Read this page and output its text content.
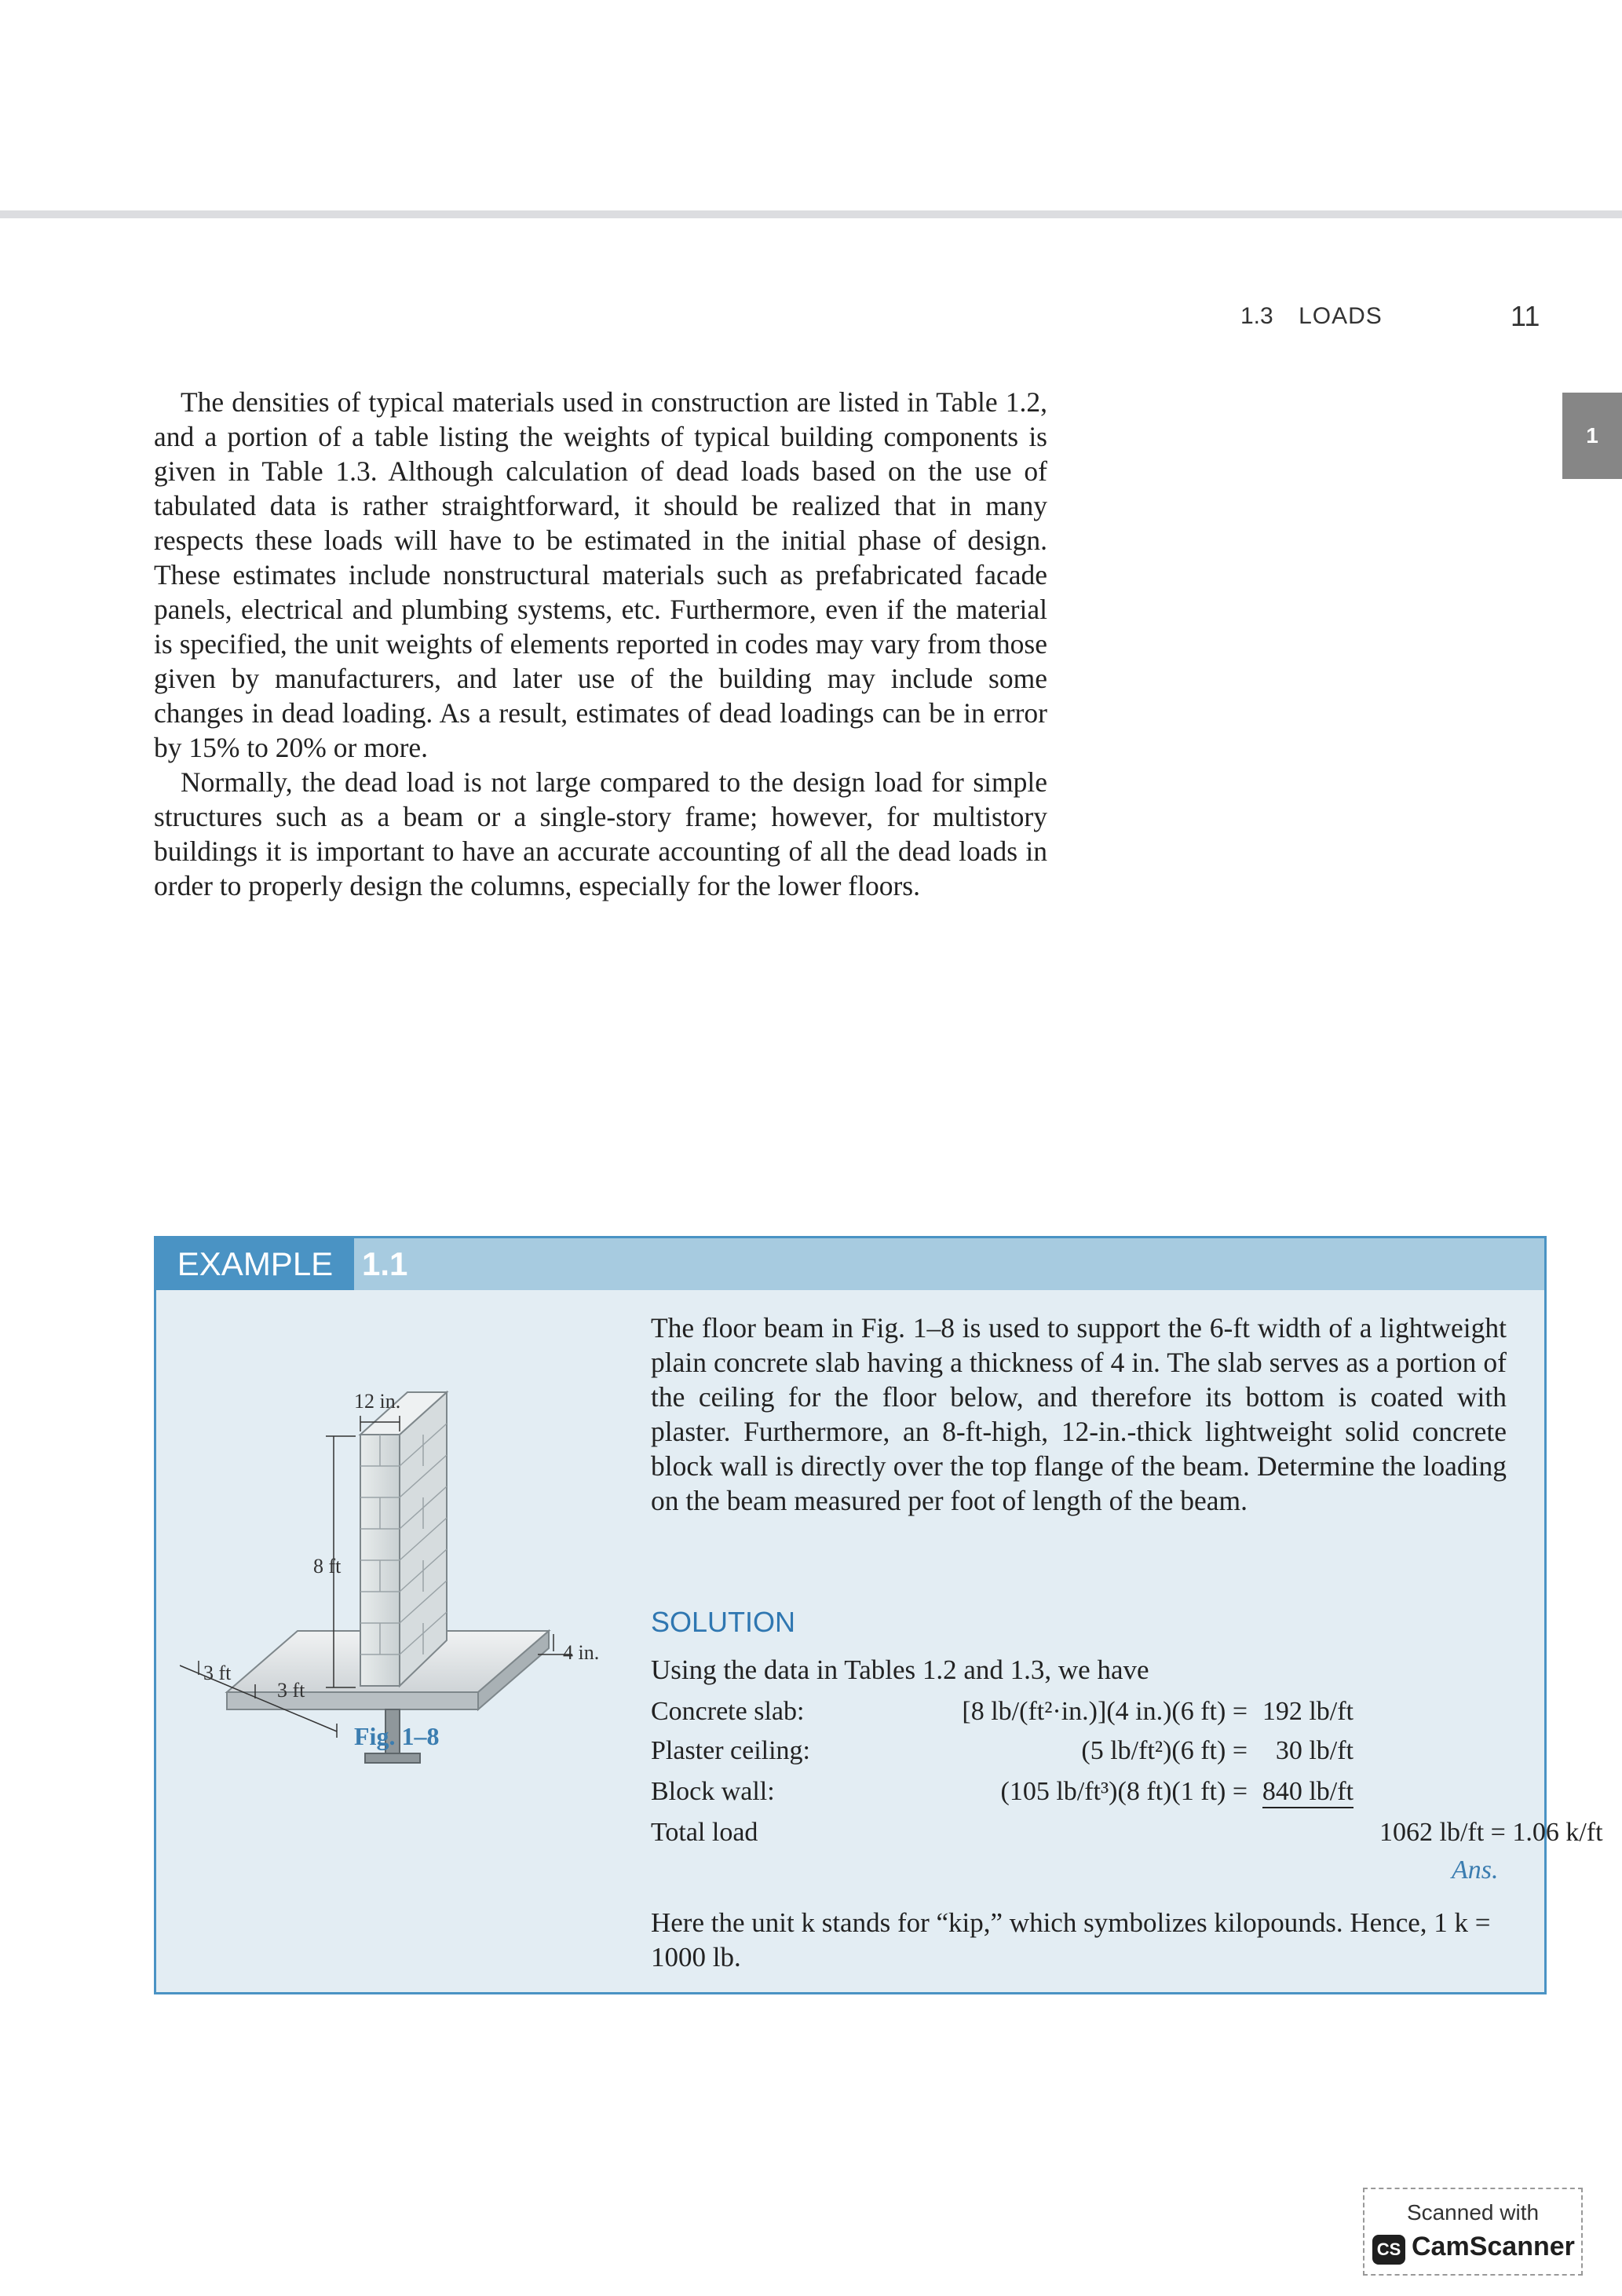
1.3 LOADS	11
1

The densities of typical materials used in construction are listed in Table 1.2, and a portion of a table listing the weights of typical building components is given in Table 1.3. Although calculation of dead loads based on the use of tabulated data is rather straightforward, it should be realized that in many respects these loads will have to be estimated in the initial phase of design. These estimates include nonstructural materials such as prefabricated facade panels, electrical and plumbing systems, etc. Furthermore, even if the material is specified, the unit weights of elements reported in codes may vary from those given by manufacturers, and later use of the building may include some changes in dead loading. As a result, estimates of dead loadings can be in error by 15% to 20% or more.

Normally, the dead load is not large compared to the design load for simple structures such as a beam or a single-story frame; however, for multistory buildings it is important to have an accurate accounting of all the dead loads in order to properly design the columns, especially for the lower floors.

EXAMPLE 1.1
12 in.
8 ft
4 in.
3 ft
3 ft
Fig. 1–8

The floor beam in Fig. 1–8 is used to support the 6-ft width of a lightweight plain concrete slab having a thickness of 4 in. The slab serves as a portion of the ceiling for the floor below, and therefore its bottom is coated with plaster. Furthermore, an 8-ft-high, 12-in.-thick lightweight solid concrete block wall is directly over the top flange of the beam. Determine the loading on the beam measured per foot of length of the beam.

SOLUTION
Using the data in Tables 1.2 and 1.3, we have
Concrete slab:	[8 lb/(ft²·in.)](4 in.)(6 ft) = 192 lb/ft
Plaster ceiling:	(5 lb/ft²)(6 ft) = 30 lb/ft
Block wall:	(105 lb/ft³)(8 ft)(1 ft) = 840 lb/ft
Total load	1062 lb/ft = 1.06 k/ft
Ans.

Here the unit k stands for “kip,” which symbolizes kilopounds. Hence, 1 k = 1000 lb.

Scanned with
CS CamScanner
